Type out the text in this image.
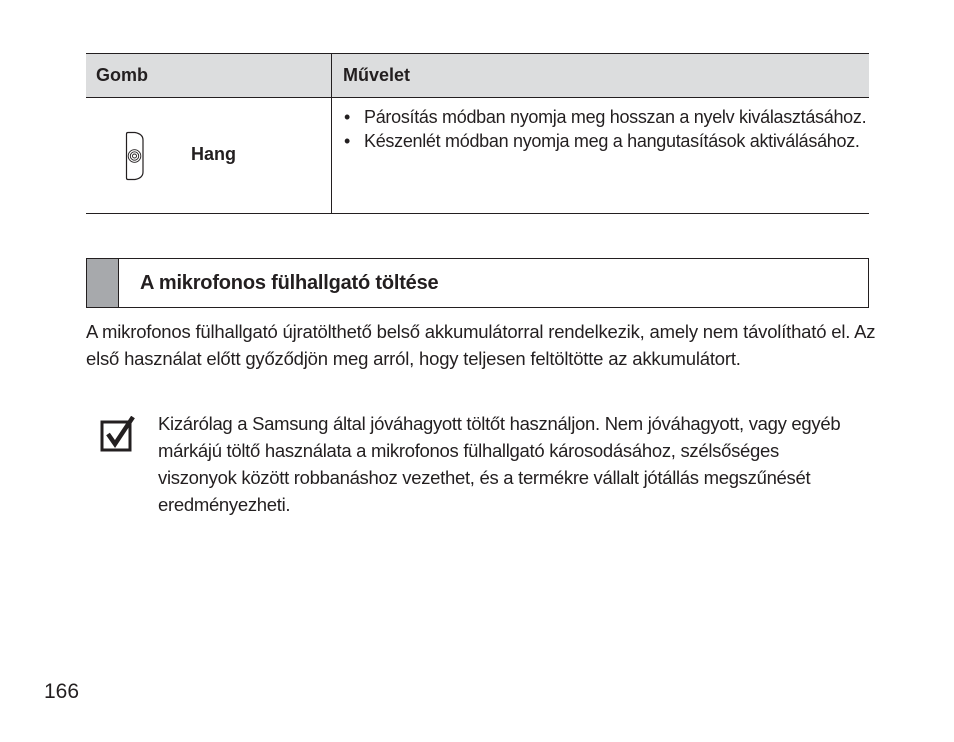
Gomb	Művelet
Hang
• Párosítás módban nyomja meg hosszan a nyelv kiválasztásához.
• Készenlét módban nyomja meg a hangutasítások aktiválásához.
A mikrofonos fülhallgató töltése

A mikrofonos fülhallgató újratölthető belső akkumulátorral rendelkezik, amely nem távolítható el. Az első használat előtt győződjön meg arról, hogy teljesen feltöltötte az akkumulátort.

Kizárólag a Samsung által jóváhagyott töltőt használjon. Nem jóváhagyott, vagy egyéb márkájú töltő használata a mikrofonos fülhallgató károsodásához, szélsőséges viszonyok között robbanáshoz vezethet, és a termékre vállalt jótállás megszűnését eredményezheti.

166
